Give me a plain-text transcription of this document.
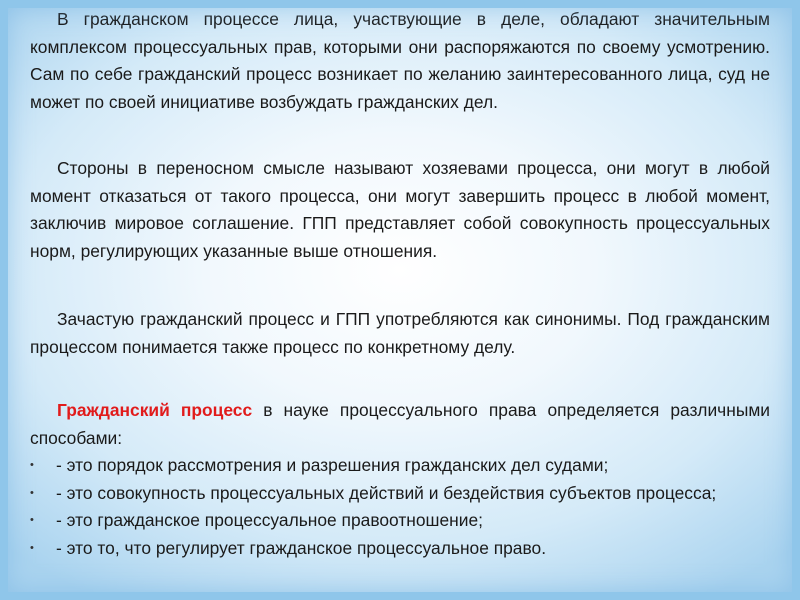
В гражданском процессе лица, участвующие в деле, обладают значительным комплексом процессуальных прав, которыми они распоряжаются по своему усмотрению. Сам по себе гражданский процесс возникает по желанию заинтересованного лица, суд не может по своей инициативе возбуждать гражданских дел.

Стороны в переносном смысле называют хозяевами процесса, они могут в любой момент отказаться от такого процесса, они могут завершить процесс в любой момент, заключив мировое соглашение. ГПП представляет собой совокупность процессуальных норм, регулирующих указанные выше отношения.

Зачастую гражданский процесс и ГПП употребляются как синонимы. Под гражданским процессом понимается также процесс по конкретному делу.

Гражданский процесс в науке процессуального права определяется различными способами:

• - это порядок рассмотрения и разрешения гражданских дел судами;
• - это совокупность процессуальных действий и бездействия субъектов процесса;
• - это гражданское процессуальное правоотношение;
• - это то, что регулирует гражданское процессуальное право.
